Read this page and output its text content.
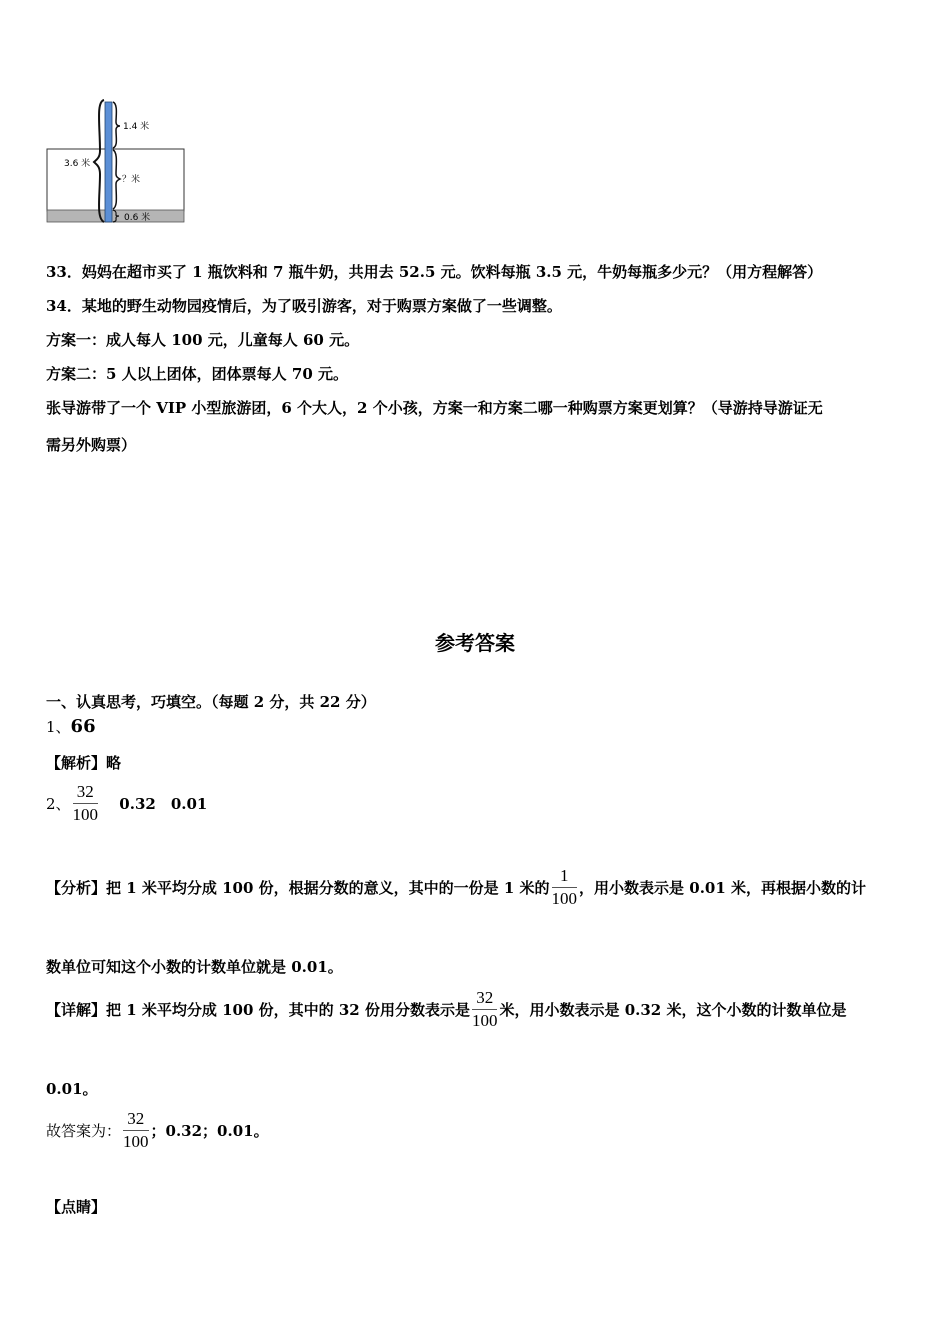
1.4 米
3.6 米
？米
0.6 米
33．妈妈在超市买了 1 瓶饮料和 7 瓶牛奶，共用去 52.5 元。饮料每瓶 3.5 元，牛奶每瓶多少元？（用方程解答）
34．某地的野生动物园疫情后，为了吸引游客，对于购票方案做了一些调整。
方案一：成人每人 100 元，儿童每人 60 元。
方案二：5 人以上团体，团体票每人 70 元。
张导游带了一个 VIP 小型旅游团，6 个大人，2 个小孩，方案一和方案二哪一种购票方案更划算？（导游持导游证无
需另外购票）
参考答案
一、认真思考，巧填空。（每题 2 分，共 22 分）
1、66
【解析】略
2、 $\frac{32}{100} 0.32$　0.01
【分析】把 1 米平均分成 100 份，根据分数的意义，其中的一份是 1 米的 $\frac{1}{100}$ ，用小数表示是 0.01 米，再根据小数的计
数单位可知这个小数的计数单位就是 0.01。
【详解】把 1 米平均分成 100 份，其中的 32 份用分数表示是 $\frac{32}{100}$ 米，用小数表示是 0.32 米，这个小数的计数单位是
0.01。
故答案为： $\frac{32}{100}$ ；0.32；0.01。
【点睛】
